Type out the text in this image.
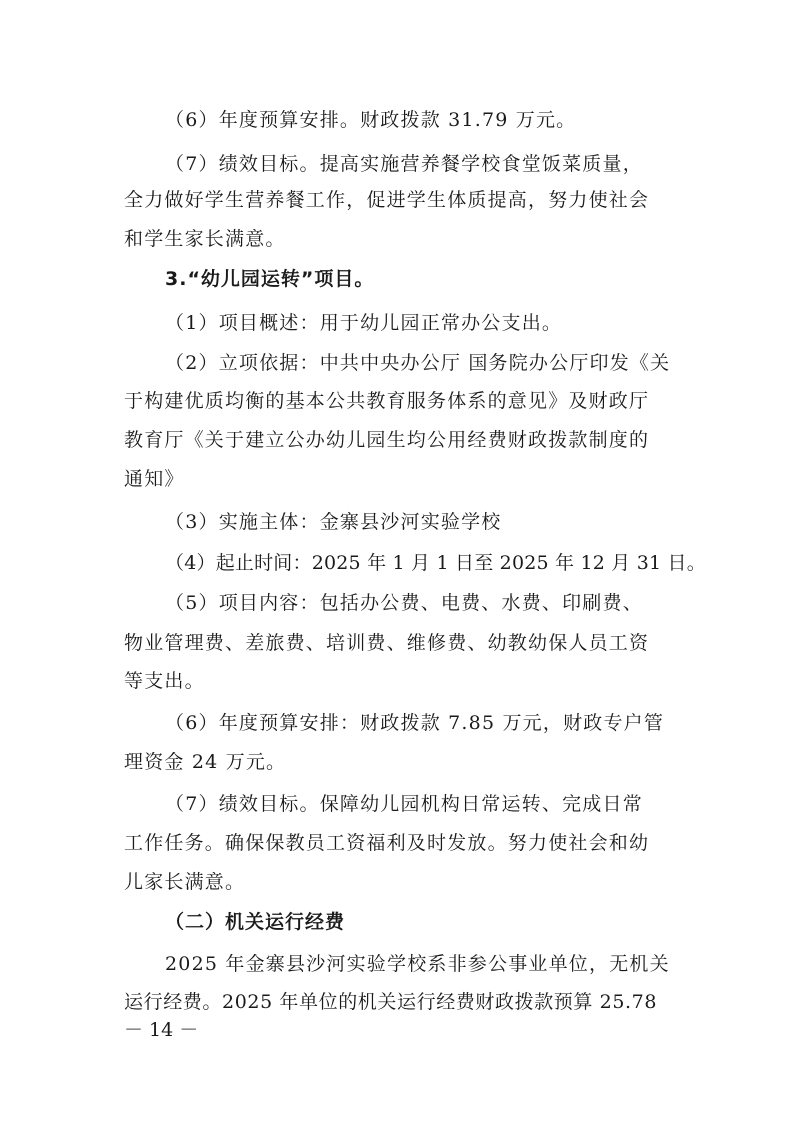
（6）年度预算安排。财政拨款 31.79 万元。
（7）绩效目标。提高实施营养餐学校食堂饭菜质量，
全力做好学生营养餐工作，促进学生体质提高，努力使社会
和学生家长满意。
3.“幼儿园运转”项目。
（1）项目概述：用于幼儿园正常办公支出。
（2）立项依据：中共中央办公厅 国务院办公厅印发《关
于构建优质均衡的基本公共教育服务体系的意见》及财政厅
教育厅《关于建立公办幼儿园生均公用经费财政拨款制度的
通知》
（3）实施主体：金寨县沙河实验学校
（4）起止时间：2025 年 1 月 1 日至 2025 年 12 月 31 日。
（5）项目内容：包括办公费、电费、水费、印刷费、
物业管理费、差旅费、培训费、维修费、幼教幼保人员工资
等支出。
（6）年度预算安排：财政拨款 7.85 万元，财政专户管
理资金 24 万元。
（7）绩效目标。保障幼儿园机构日常运转、完成日常
工作任务。确保保教员工资福利及时发放。努力使社会和幼
儿家长满意。
（二）机关运行经费
2025 年金寨县沙河实验学校系非参公事业单位，无机关
运行经费。2025 年单位的机关运行经费财政拨款预算 25.78
－ 14 －
